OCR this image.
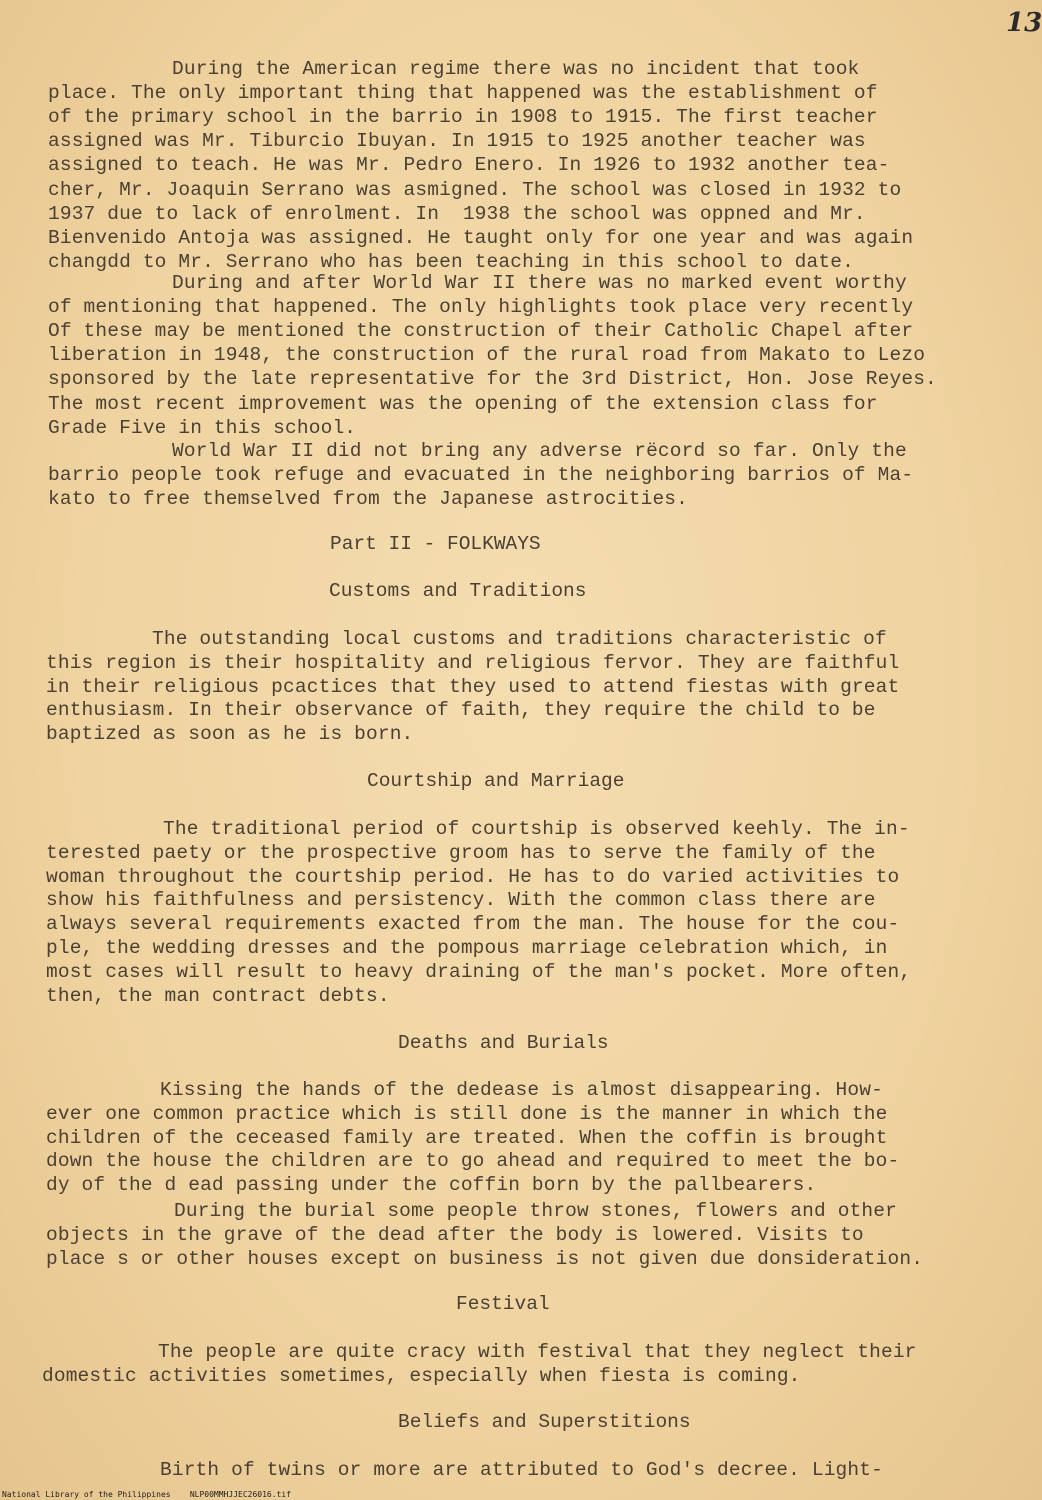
13
During the American regime there was no incident that took
place. The only important thing that happened was the establishment of
of the primary school in the barrio in 1908 to 1915. The first teacher
assigned was Mr. Tiburcio Ibuyan. In 1915 to 1925 another teacher was
assigned to teach. He was Mr. Pedro Enero. In 1926 to 1932 another tea-
cher, Mr. Joaquin Serrano was asmigned. The school was closed in 1932 to
1937 due to lack of enrolment. In  1938 the school was oppned and Mr.
Bienvenido Antoja was assigned. He taught only for one year and was again
changdd to Mr. Serrano who has been teaching in this school to date.
During and after World War II there was no marked event worthy
of mentioning that happened. The only highlights took place very recently
Of these may be mentioned the construction of their Catholic Chapel after
liberation in 1948, the construction of the rural road from Makato to Lezo
sponsored by the late representative for the 3rd District, Hon. Jose Reyes.
The most recent improvement was the opening of the extension class for
Grade Five in this school.
World War II did not bring any adverse rëcord so far. Only the
barrio people took refuge and evacuated in the neighboring barrios of Ma-
kato to free themselved from the Japanese astrocities.
Part II - FOLKWAYS
Customs and Traditions
The outstanding local customs and traditions characteristic of
this region is their hospitality and religious fervor. They are faithful
in their religious pcactices that they used to attend fiestas with great
enthusiasm. In their observance of faith, they require the child to be
baptized as soon as he is born.
Courtship and Marriage
The traditional period of courtship is observed keehly. The in-
terested paety or the prospective groom has to serve the family of the
woman throughout the courtship period. He has to do varied activities to
show his faithfulness and persistency. With the common class there are
always several requirements exacted from the man. The house for the cou-
ple, the wedding dresses and the pompous marriage celebration which, in
most cases will result to heavy draining of the man's pocket. More often,
then, the man contract debts.
Deaths and Burials
Kissing the hands of the dedease is almost disappearing. How-
ever one common practice which is still done is the manner in which the
children of the ceceased family are treated. When the coffin is brought
down the house the children are to go ahead and required to meet the bo-
dy of the d ead passing under the coffin born by the pallbearers.
During the burial some people throw stones, flowers and other
objects in the grave of the dead after the body is lowered. Visits to
place s or other houses except on business is not given due donsideration.
Festival
The people are quite cracy with festival that they neglect their
domestic activities sometimes, especially when fiesta is coming.
Beliefs and Superstitions
Birth of twins or more are attributed to God's decree. Light-
National Library of the Philippines    NLP00MMHJJEC26016.tif
